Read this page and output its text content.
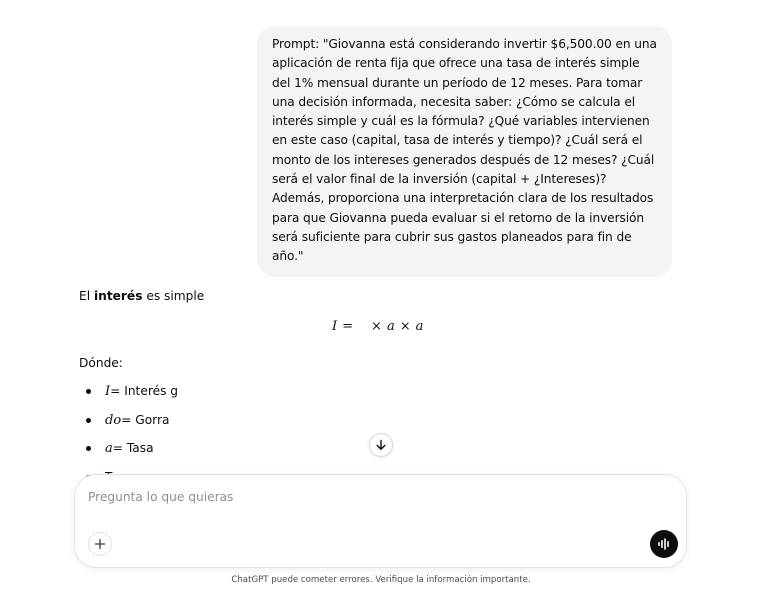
Prompt: "Giovanna está considerando invertir $6,500.00 en una aplicación de renta fija que ofrece una tasa de interés simple del 1% mensual durante un período de 12 meses. Para tomar una decisión informada, necesita saber: ¿Cómo se calcula el interés simple y cuál es la fórmula? ¿Qué variables intervienen en este caso (capital, tasa de interés y tiempo)? ¿Cuál será el monto de los intereses generados después de 12 meses? ¿Cuál será el valor final de la inversión (capital + ¿Intereses)? Además, proporciona una interpretación clara de los resultados para que Giovanna pueda evaluar si el retorno de la inversión será suficiente para cubrir sus gastos planeados para fin de año."
El interés es simple
I = × a × a
Dónde:
I= Interés g
do= Gorra
a= Tasa
Pregunta lo que quieras
ChatGPT puede cometer errores. Verifique la información importante.
